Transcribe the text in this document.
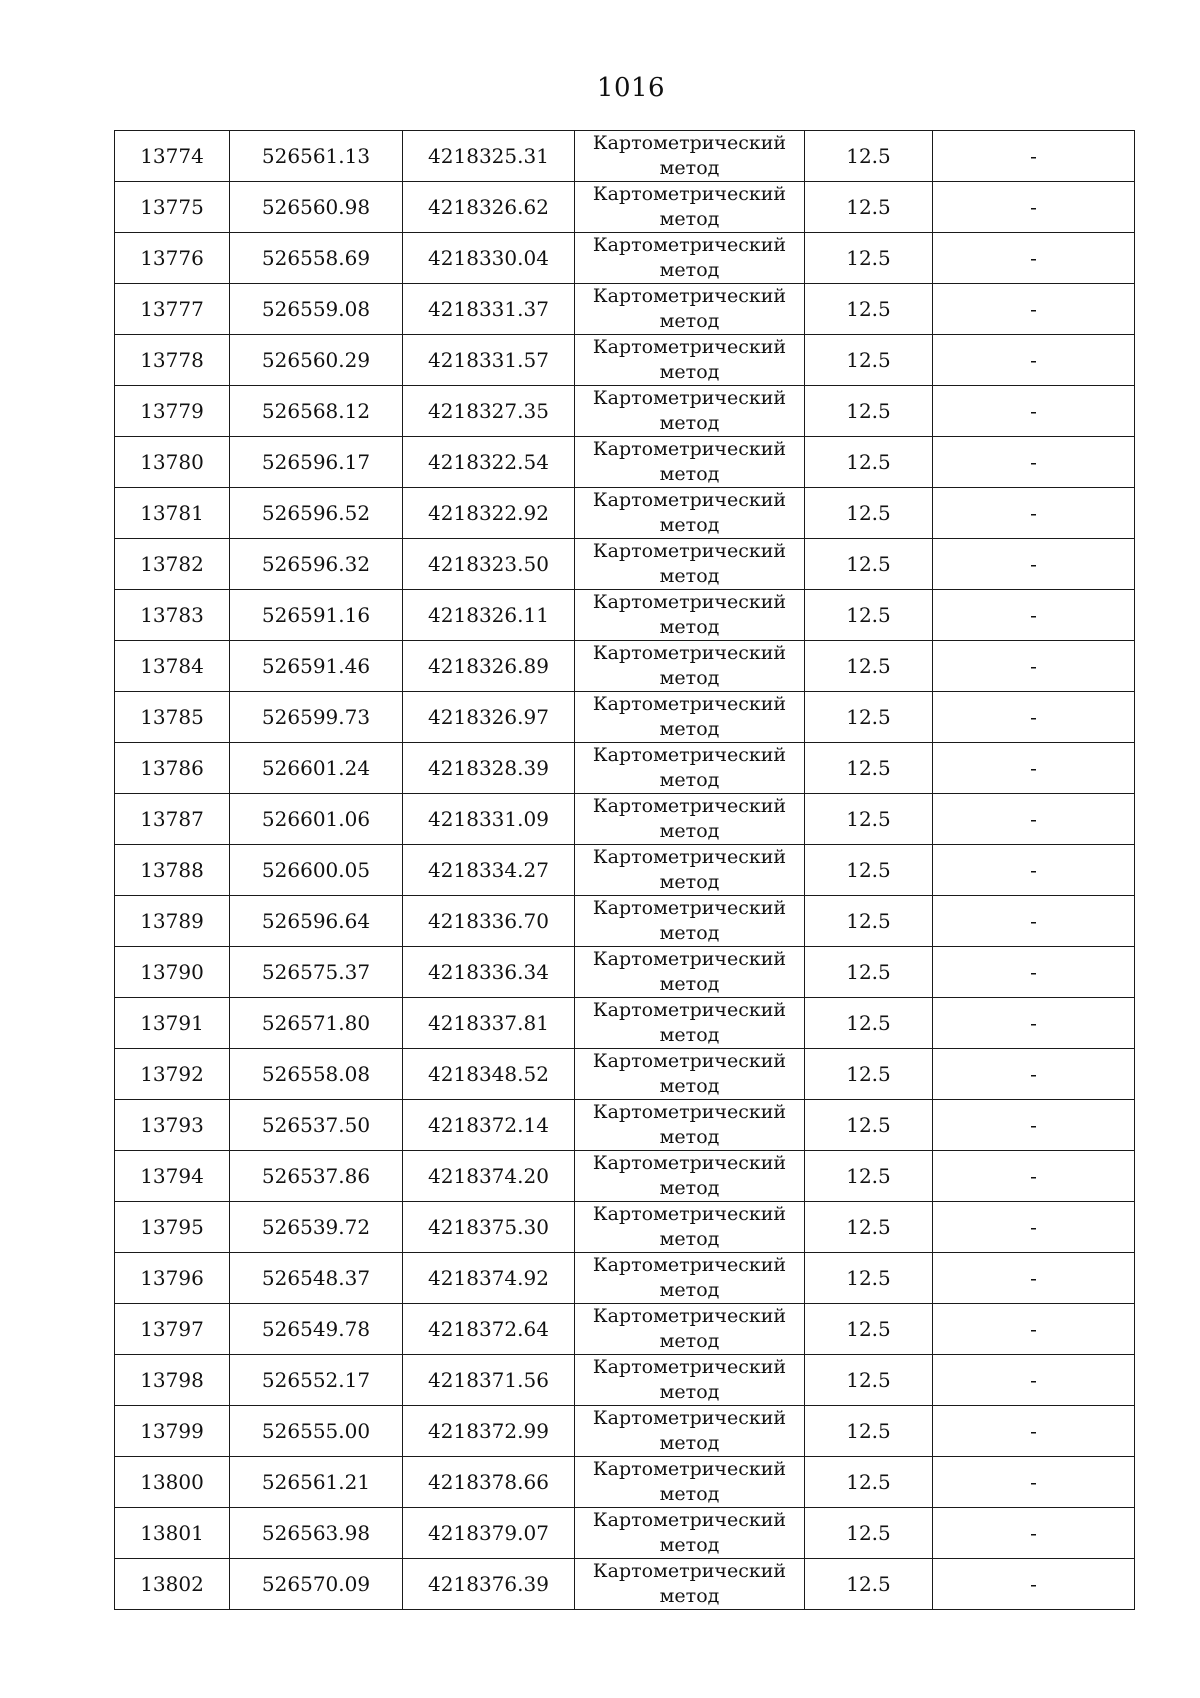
1016
13774	526561.13	4218325.31	Картометрический
метод	12.5	-
13775	526560.98	4218326.62	Картометрический
метод	12.5	-
13776	526558.69	4218330.04	Картометрический
метод	12.5	-
13777	526559.08	4218331.37	Картометрический
метод	12.5	-
13778	526560.29	4218331.57	Картометрический
метод	12.5	-
13779	526568.12	4218327.35	Картометрический
метод	12.5	-
13780	526596.17	4218322.54	Картометрический
метод	12.5	-
13781	526596.52	4218322.92	Картометрический
метод	12.5	-
13782	526596.32	4218323.50	Картометрический
метод	12.5	-
13783	526591.16	4218326.11	Картометрический
метод	12.5	-
13784	526591.46	4218326.89	Картометрический
метод	12.5	-
13785	526599.73	4218326.97	Картометрический
метод	12.5	-
13786	526601.24	4218328.39	Картометрический
метод	12.5	-
13787	526601.06	4218331.09	Картометрический
метод	12.5	-
13788	526600.05	4218334.27	Картометрический
метод	12.5	-
13789	526596.64	4218336.70	Картометрический
метод	12.5	-
13790	526575.37	4218336.34	Картометрический
метод	12.5	-
13791	526571.80	4218337.81	Картометрический
метод	12.5	-
13792	526558.08	4218348.52	Картометрический
метод	12.5	-
13793	526537.50	4218372.14	Картометрический
метод	12.5	-
13794	526537.86	4218374.20	Картометрический
метод	12.5	-
13795	526539.72	4218375.30	Картометрический
метод	12.5	-
13796	526548.37	4218374.92	Картометрический
метод	12.5	-
13797	526549.78	4218372.64	Картометрический
метод	12.5	-
13798	526552.17	4218371.56	Картометрический
метод	12.5	-
13799	526555.00	4218372.99	Картометрический
метод	12.5	-
13800	526561.21	4218378.66	Картометрический
метод	12.5	-
13801	526563.98	4218379.07	Картометрический
метод	12.5	-
13802	526570.09	4218376.39	Картометрический
метод	12.5	-
